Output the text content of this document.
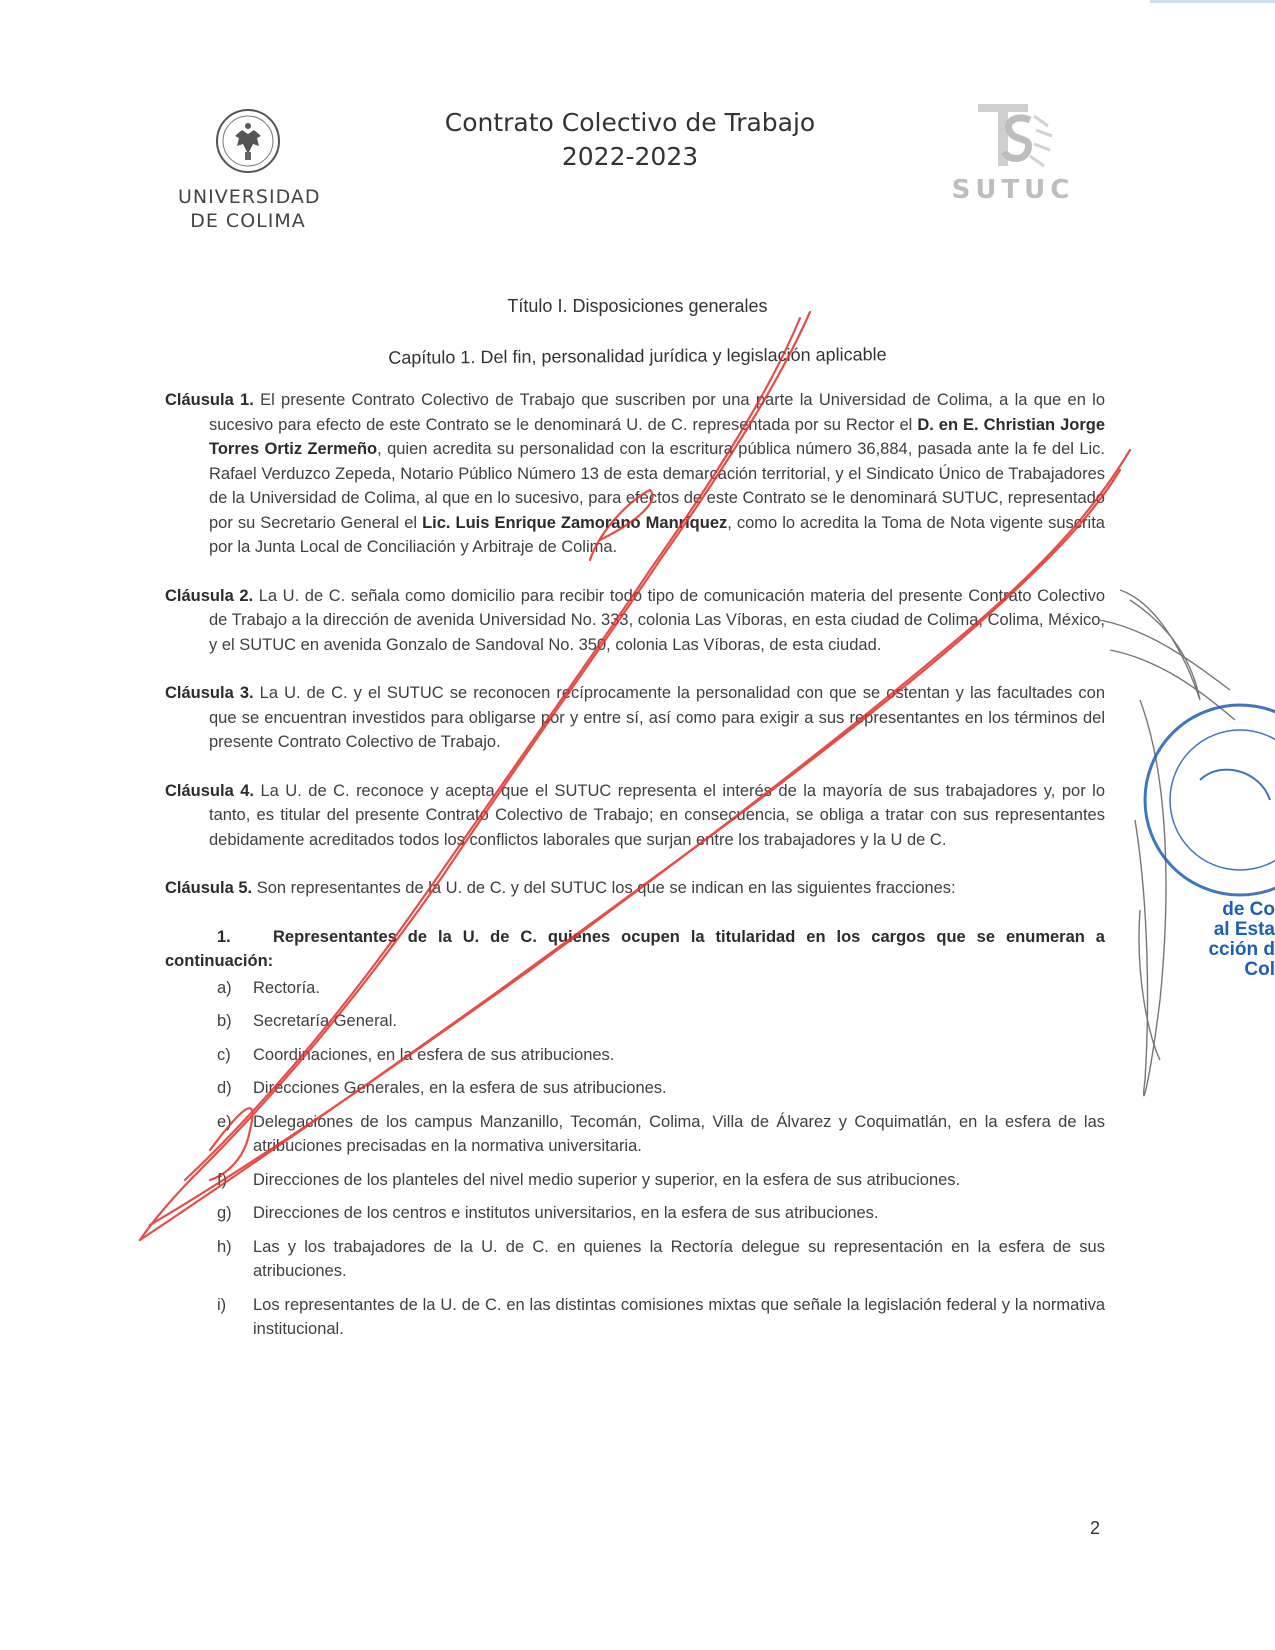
UNIVERSIDAD
DE COLIMA
Contrato Colectivo de Trabajo
2022-2023
SUTUC
Título I. Disposiciones generales
Capítulo 1. Del fin, personalidad jurídica y legislación aplicable

Cláusula 1. El presente Contrato Colectivo de Trabajo que suscriben por una parte la Universidad de Colima, a la que en lo sucesivo para efecto de este Contrato se le denominará U. de C. representada por su Rector el D. en E. Christian Jorge Torres Ortiz Zermeño, quien acredita su personalidad con la escritura pública número 36,884, pasada ante la fe del Lic. Rafael Verduzco Zepeda, Notario Público Número 13 de esta demarcación territorial, y el Sindicato Único de Trabajadores de la Universidad de Colima, al que en lo sucesivo, para efectos de este Contrato se le denominará SUTUC, representado por su Secretario General el Lic. Luis Enrique Zamorano Manríquez, como lo acredita la Toma de Nota vigente suscrita por la Junta Local de Conciliación y Arbitraje de Colima.

Cláusula 2. La U. de C. señala como domicilio para recibir todo tipo de comunicación materia del presente Contrato Colectivo de Trabajo a la dirección de avenida Universidad No. 333, colonia Las Víboras, en esta ciudad de Colima, Colima, México, y el SUTUC en avenida Gonzalo de Sandoval No. 350, colonia Las Víboras, de esta ciudad.

Cláusula 3. La U. de C. y el SUTUC se reconocen recíprocamente la personalidad con que se ostentan y las facultades con que se encuentran investidos para obligarse por y entre sí, así como para exigir a sus representantes en los términos del presente Contrato Colectivo de Trabajo.

Cláusula 4. La U. de C. reconoce y acepta que el SUTUC representa el interés de la mayoría de sus trabajadores y, por lo tanto, es titular del presente Contrato Colectivo de Trabajo; en consecuencia, se obliga a tratar con sus representantes debidamente acreditados todos los conflictos laborales que surjan entre los trabajadores y la U de C.

Cláusula 5. Son representantes de la U. de C. y del SUTUC los que se indican en las siguientes fracciones:

1.	Representantes de la U. de C. quienes ocupen la titularidad en los cargos que se enumeran a continuación:

a)	Rectoría.
b)	Secretaría General.
c)	Coordinaciones, en la esfera de sus atribuciones.
d)	Direcciones Generales, en la esfera de sus atribuciones.
e)	Delegaciones de los campus Manzanillo, Tecomán, Colima, Villa de Álvarez y Coquimatlán, en la esfera de las atribuciones precisadas en la normativa universitaria.
f)	Direcciones de los planteles del nivel medio superior y superior, en la esfera de sus atribuciones.
g)	Direcciones de los centros e institutos universitarios, en la esfera de sus atribuciones.
h)	Las y los trabajadores de la U. de C. en quienes la Rectoría delegue su representación en la esfera de sus atribuciones.
i)	Los representantes de la U. de C. en las distintas comisiones mixtas que señale la legislación federal y la normativa institucional.
2
de Co
al Esta
cción d
Col
